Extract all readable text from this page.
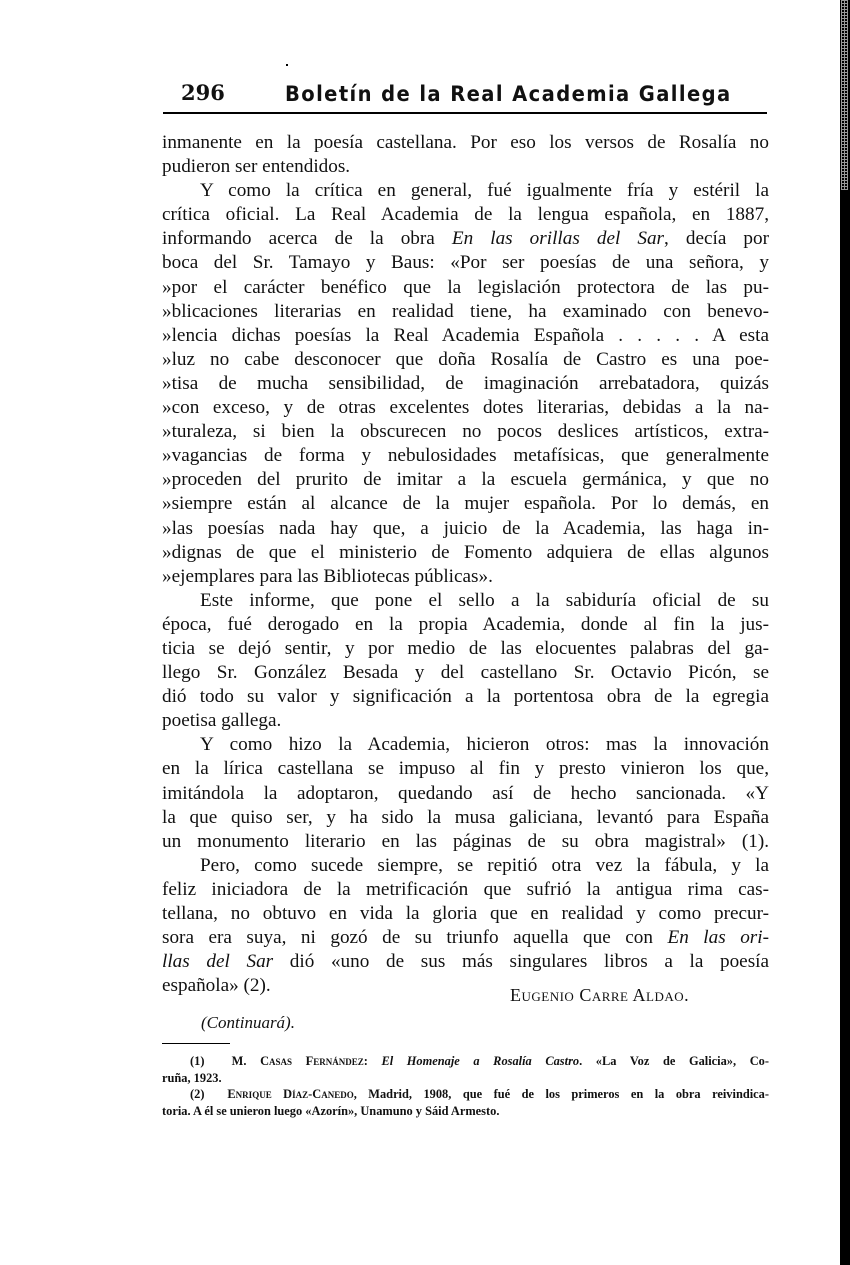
296	Boletín de la Real Academia Gallega
inmanente en la poesía castellana. Por eso los versos de Rosalía no
pudieron ser entendidos.
Y como la crítica en general, fué igualmente fría y estéril la
crítica oficial. La Real Academia de la lengua española, en 1887,
informando acerca de la obra En las orillas del Sar, decía por
boca del Sr. Tamayo y Baus: «Por ser poesías de una señora, y
»por el carácter benéfico que la legislación protectora de las pu-
»blicaciones literarias en realidad tiene, ha examinado con benevo-
»lencia dichas poesías la Real Academia Española . . . . . A esta
»luz no cabe desconocer que doña Rosalía de Castro es una poe-
»tisa de mucha sensibilidad, de imaginación arrebatadora, quizás
»con exceso, y de otras excelentes dotes literarias, debidas a la na-
»turaleza, si bien la obscurecen no pocos deslices artísticos, extra-
»vagancias de forma y nebulosidades metafísicas, que generalmente
»proceden del prurito de imitar a la escuela germánica, y que no
»siempre están al alcance de la mujer española. Por lo demás, en
»las poesías nada hay que, a juicio de la Academia, las haga in-
»dignas de que el ministerio de Fomento adquiera de ellas algunos
»ejemplares para las Bibliotecas públicas».
Este informe, que pone el sello a la sabiduría oficial de su
época, fué derogado en la propia Academia, donde al fin la jus-
ticia se dejó sentir, y por medio de las elocuentes palabras del ga-
llego Sr. González Besada y del castellano Sr. Octavio Picón, se
dió todo su valor y significación a la portentosa obra de la egregia
poetisa gallega.
Y como hizo la Academia, hicieron otros: mas la innovación
en la lírica castellana se impuso al fin y presto vinieron los que,
imitándola la adoptaron, quedando así de hecho sancionada. «Y
la que quiso ser, y ha sido la musa galiciana, levantó para España
un monumento literario en las páginas de su obra magistral» (1).
Pero, como sucede siempre, se repitió otra vez la fábula, y la
feliz iniciadora de la metrificación que sufrió la antigua rima cas-
tellana, no obtuvo en vida la gloria que en realidad y como precur-
sora era suya, ni gozó de su triunfo aquella que con En las ori-
llas del Sar dió «uno de sus más singulares libros a la poesía
española» (2).	Eugenio Carre Aldao.
(Continuará).
(1) M. Casas Fernández: El Homenaje a Rosalía Castro. «La Voz de Galicia», Co-
ruña, 1923.
(2) Enrique Díaz-Canedo, Madrid, 1908, que fué de los primeros en la obra reivindica-
toria. A él se unieron luego «Azorín», Unamuno y Sáid Armesto.
